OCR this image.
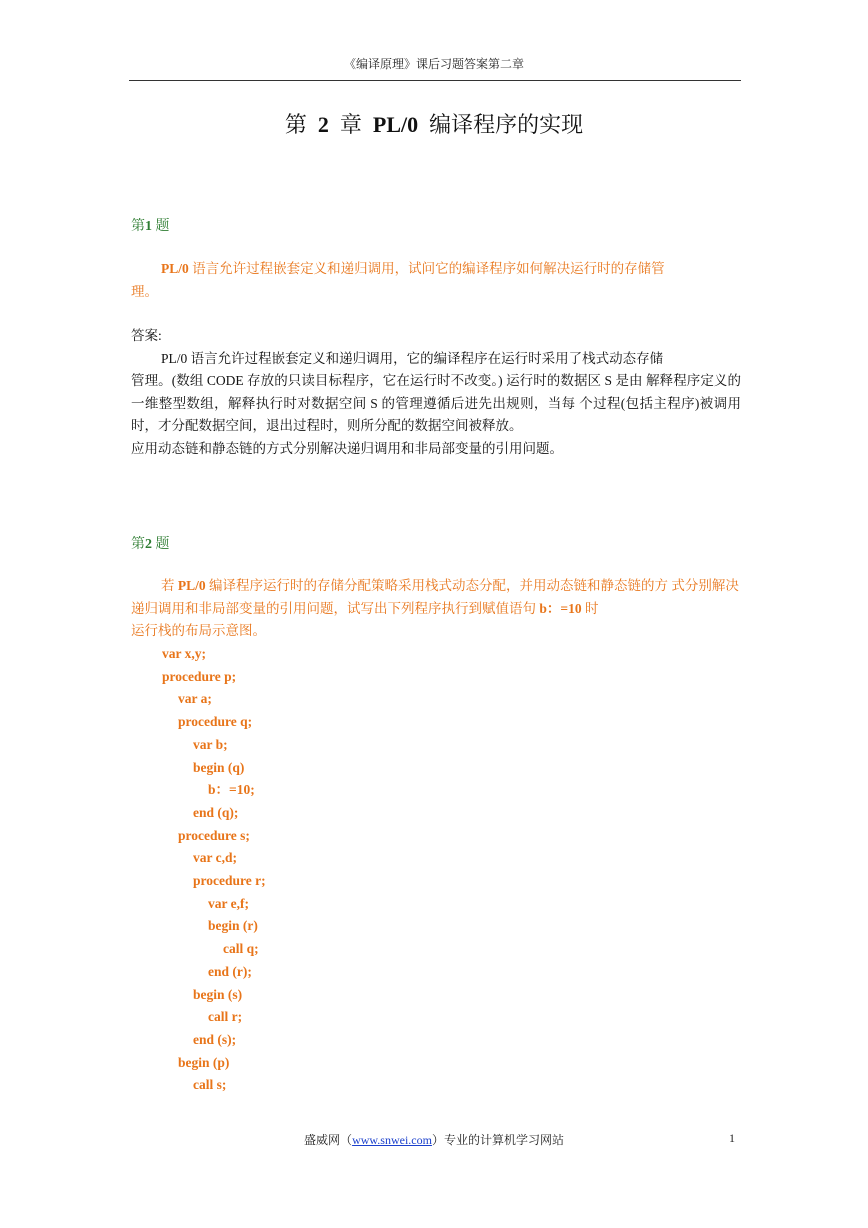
《编译原理》课后习题答案第二章
第 2 章 PL/0 编译程序的实现
第1 题
PL/0 语言允许过程嵌套定义和递归调用，试问它的编译程序如何解决运行时的存储管
理。
答案:
PL/0 语言允许过程嵌套定义和递归调用，它的编译程序在运行时采用了栈式动态存储

管理。(数组 CODE 存放的只读目标程序，它在运行时不改变。) 运行时的数据区 S 是由 解释程序定义的一维整型数组，解释执行时对数据空间 S 的管理遵循后进先出规则，当每 个过程(包括主程序)被调用时，才分配数据空间，退出过程时，则所分配的数据空间被释放。
应用动态链和静态链的方式分别解决递归调用和非局部变量的引用问题。
第2 题
若 PL/0 编译程序运行时的存储分配策略采用栈式动态分配，并用动态链和静态链的方 式分别解决递归调用和非局部变量的引用问题，试写出下列程序执行到赋值语句 b：=10 时
运行栈的布局示意图。
var x,y;
procedure p;
var a;
procedure q;
var b;
begin (q)
b：=10;
end (q);
procedure s;
var c,d;
procedure r;
var e,f;
begin (r)
call q;
end (r);
begin (s)
call r;
end (s);
begin (p)
call s;
盛威网（www.snwei.com）专业的计算机学习网站	1
